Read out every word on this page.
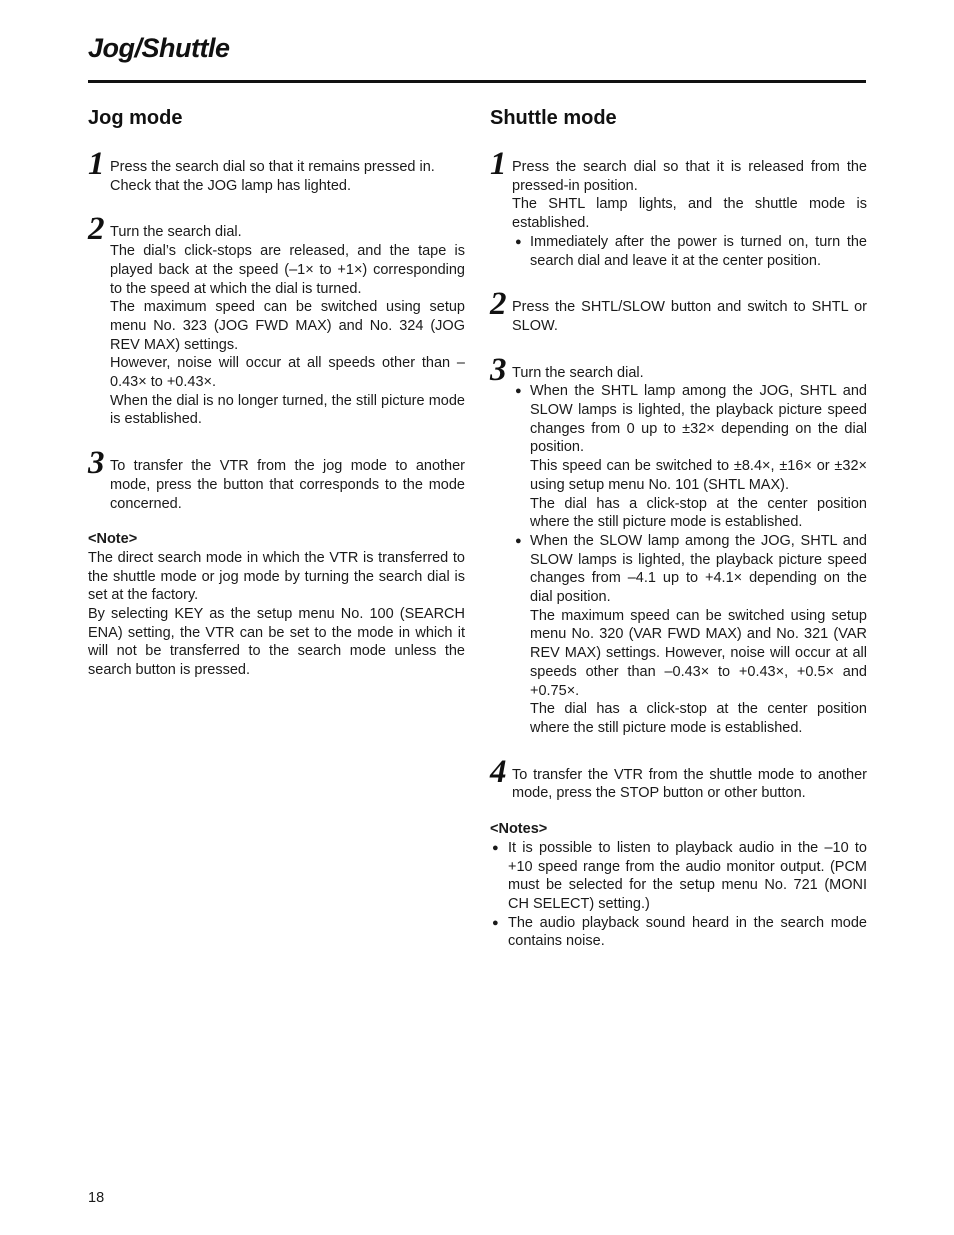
Jog/Shuttle
Jog mode
1 Press the search dial so that it remains pressed in.

Check that the JOG lamp has lighted.

2 Turn the search dial.

The dial’s click-stops are released, and the tape is played back at the speed (–1× to +1×) corresponding to the speed at which the dial is turned.

The maximum speed can be switched using setup menu No. 323 (JOG FWD MAX) and No. 324 (JOG REV MAX) settings.

However, noise will occur at all speeds other than –0.43× to +0.43×.

When the dial is no longer turned, the still picture mode is established.

3 To transfer the VTR from the jog mode to another mode, press the button that corresponds to the mode concerned.

<Note>

The direct search mode in which the VTR is transferred to the shuttle mode or jog mode by turning the search dial is set at the factory.

By selecting KEY as the setup menu No. 100 (SEARCH ENA) setting, the VTR can be set to the mode in which it will not be transferred to the search mode unless the search button is pressed.

Shuttle mode
1 Press the search dial so that it is released from the pressed-in position.

The SHTL lamp lights, and the shuttle mode is established.

● Immediately after the power is turned on, turn the search dial and leave it at the center position.
2 Press the SHTL/SLOW button and switch to SHTL or SLOW.

3 Turn the search dial.

● When the SHTL lamp among the JOG, SHTL and SLOW lamps is lighted, the playback picture speed changes from 0 up to ±32× depending on the dial position.

This speed can be switched to ±8.4×, ±16× or ±32× using setup menu No. 101 (SHTL MAX).

The dial has a click-stop at the center position where the still picture mode is established.

● When the SLOW lamp among the JOG, SHTL and SLOW lamps is lighted, the playback picture speed changes from –4.1 up to +4.1× depending on the dial position.

The maximum speed can be switched using setup menu No. 320 (VAR FWD MAX) and No. 321 (VAR REV MAX) settings. However, noise will occur at all speeds other than –0.43× to +0.43×, +0.5× and +0.75×.

The dial has a click-stop at the center position where the still picture mode is established.

4 To transfer the VTR from the shuttle mode to another mode, press the STOP button or other button.

<Notes>

● It is possible to listen to playback audio in the –10 to +10 speed range from the audio monitor output. (PCM must be selected for the setup menu No. 721 (MONI CH SELECT) setting.)
● The audio playback sound heard in the search mode contains noise.
18
